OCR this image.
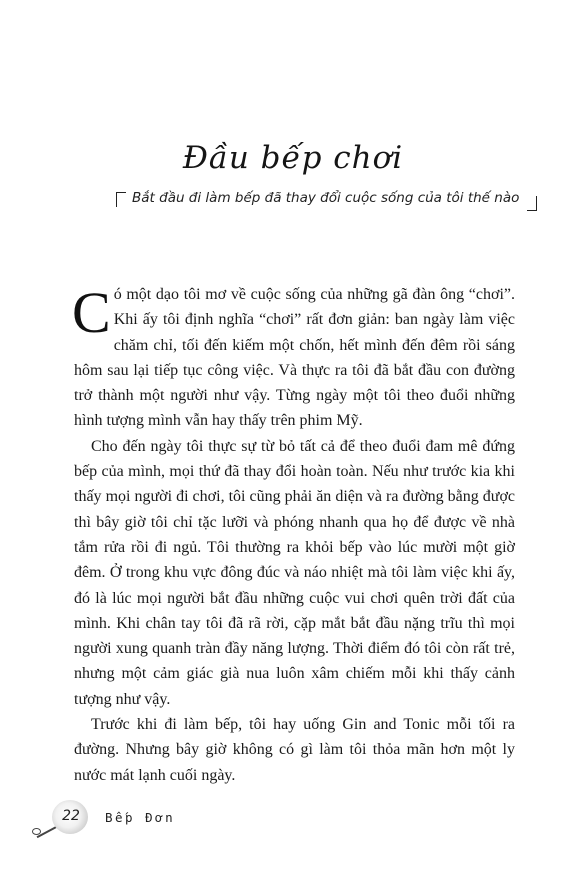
Đầu bếp chơi
Bắt đầu đi làm bếp đã thay đổi cuộc sống của tôi thế nào

Có một dạo tôi mơ về cuộc sống của những gã đàn ông “chơi”. Khi ấy tôi định nghĩa “chơi” rất đơn giản: ban ngày làm việc chăm chỉ, tối đến kiếm một chốn, hết mình đến đêm rồi sáng hôm sau lại tiếp tục công việc. Và thực ra tôi đã bắt đầu con đường trở thành một người như vậy. Từng ngày một tôi theo đuổi những hình tượng mình vẫn hay thấy trên phim Mỹ.

Cho đến ngày tôi thực sự từ bỏ tất cả để theo đuổi đam mê đứng bếp của mình, mọi thứ đã thay đổi hoàn toàn. Nếu như trước kia khi thấy mọi người đi chơi, tôi cũng phải ăn diện và ra đường bằng được thì bây giờ tôi chỉ tặc lưỡi và phóng nhanh qua họ để được về nhà tắm rửa rồi đi ngủ. Tôi thường ra khỏi bếp vào lúc mười một giờ đêm. Ở trong khu vực đông đúc và náo nhiệt mà tôi làm việc khi ấy, đó là lúc mọi người bắt đầu những cuộc vui chơi quên trời đất của mình. Khi chân tay tôi đã rã rời, cặp mắt bắt đầu nặng trĩu thì mọi người xung quanh tràn đầy năng lượng. Thời điểm đó tôi còn rất trẻ, nhưng một cảm giác già nua luôn xâm chiếm mỗi khi thấy cảnh tượng như vậy.

Trước khi đi làm bếp, tôi hay uống Gin and Tonic mỗi tối ra đường. Nhưng bây giờ không có gì làm tôi thỏa mãn hơn một ly nước mát lạnh cuối ngày.

22	Bếp Đơn
